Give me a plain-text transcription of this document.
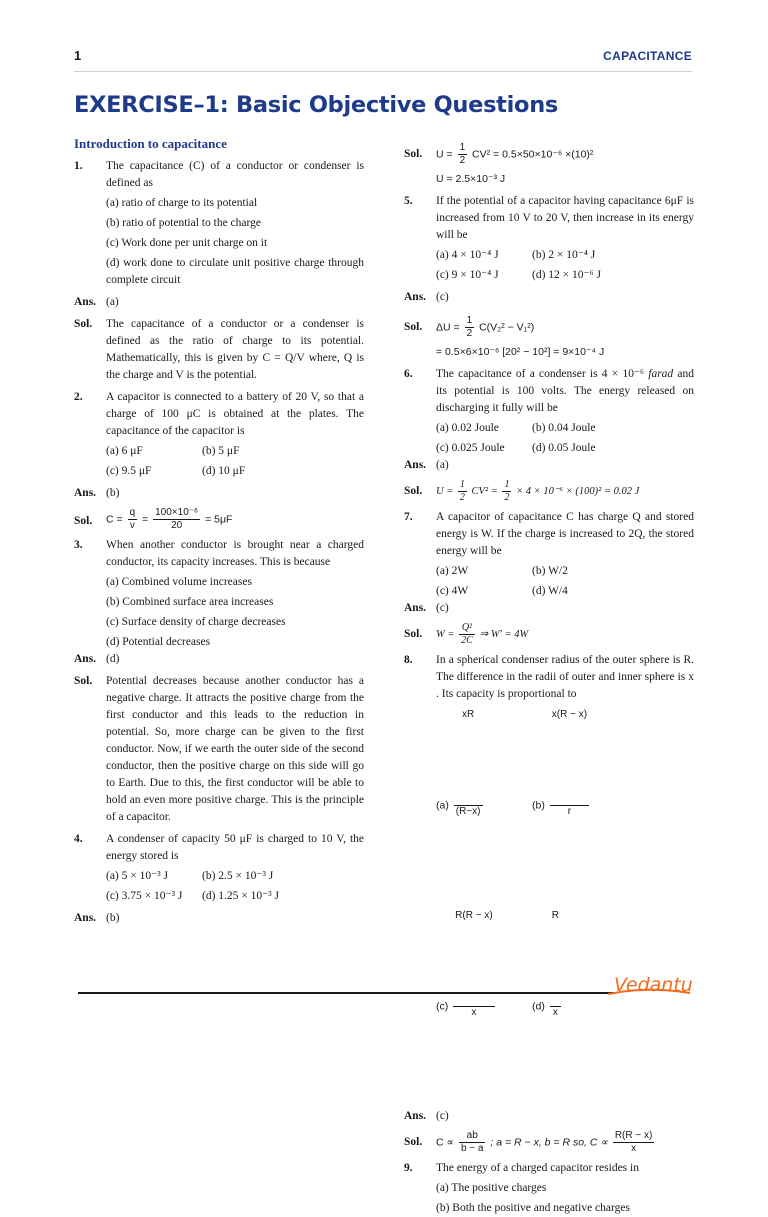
1	CAPACITANCE
EXERCISE–1: Basic Objective Questions
Introduction to capacitance
1.	The capacitance (C) of a conductor or condenser is defined as
(a) ratio of charge to its potential
(b) ratio of potential to the charge
(c) Work done per unit charge on it
(d) work done to circulate unit positive charge through complete circuit
Ans. (a)
Sol.	The capacitance of a conductor or a condenser is defined as the ratio of charge to its potential. Mathematically, this is given by C = Q/V where, Q is the charge and V is the potential.
2.	A capacitor is connected to a battery of 20 V, so that a charge of 100 μC is obtained at the plates. The capacitance of the capacitor is
(a) 6 μF	(b) 5 μF
(c) 9.5 μF	(d) 10 μF
Ans. (b)
Sol.	$C = \frac{q}{v} = \frac{\text{100×10⁻⁶}}{20} = 5\mu F$
3.	When another conductor is brought near a charged conductor, its capacity increases. This is because
(a) Combined volume increases
(b) Combined surface area increases
(c) Surface density of charge decreases
(d) Potential decreases
Ans. (d)
Sol.	Potential decreases because another conductor has a negative charge. It attracts the positive charge from the first conductor and this leads to the reduction in potential. So, more charge can be given to the first conductor. Now, if we earth the outer side of the second conductor, then the positive charge on this side will go to Earth. Due to this, the first conductor will be able to hold an even more positive charge. This is the principle of a capacitor.
4.	A condenser of capacity 50 μF is charged to 10 V, the energy stored is
(a) 5 × 10⁻³ J	(b) 2.5 × 10⁻³ J
(c) 3.75 × 10⁻³ J	(d) 1.25 × 10⁻³ J
Ans. (b)
Sol.	$U = \frac{1}{2} CV^2 = 0.5\times 50\times 10^{-6} \times(10)^2$
U = 2.5×10⁻³ J
5.	If the potential of a capacitor having capacitance 6μF is increased from 10 V to 20 V, then increase in its energy will be
(a) 4 × 10⁻⁴ J	(b) 2 × 10⁻⁴ J
(c) 9 × 10⁻⁴ J	(d) 12 × 10⁻⁶ J
Ans. (c)
Sol.	$\Delta U = \frac{1}{2} C(V_2^2 - V_1^2)$
= 0.5×6×10⁻⁶ [20² − 10²] = 9×10⁻⁴ J
6.	The capacitance of a condenser is 4 × 10⁻⁶ farad and its potential is 100 volts. The energy released on discharging it fully will be
(a) 0.02 Joule	(b) 0.04 Joule
(c) 0.025 Joule	(d) 0.05 Joule
Ans. (a)
Sol.	$U = \frac{1}{2} CV^2 = \frac{1}{2} \times 4 \times 10^{-6} \times (100)^2 = 0.02$ J
7.	A capacitor of capacitance C has charge Q and stored energy is W. If the charge is increased to 2Q, the stored energy will be
(a) 2W	(b) W/2
(c) 4W	(d) W/4
Ans. (c)
Sol.	$W = \frac{\text{Q²}}{2C}$ ⇒ W′ = 4W
8.	In a spherical condenser radius of the outer sphere is R. The difference in the radii of outer and inner sphere is x . Its capacity is proportional to
$(a) \frac{xR}{(R-x)}$	$(b) \frac{x(R - x)}{r}$
$(c) \frac{R(R - x)}{x}$	$(d) \frac{R}{x}$
Ans. (c)
Sol.	$C \propto \frac{ab}{b - a}$ ; a = R − x, b = R so, $C \propto \frac{R(R - x)}{x}$
9.	The energy of a charged capacitor resides in
(a) The positive charges
(b) Both the positive and negative charges
Vedantu
